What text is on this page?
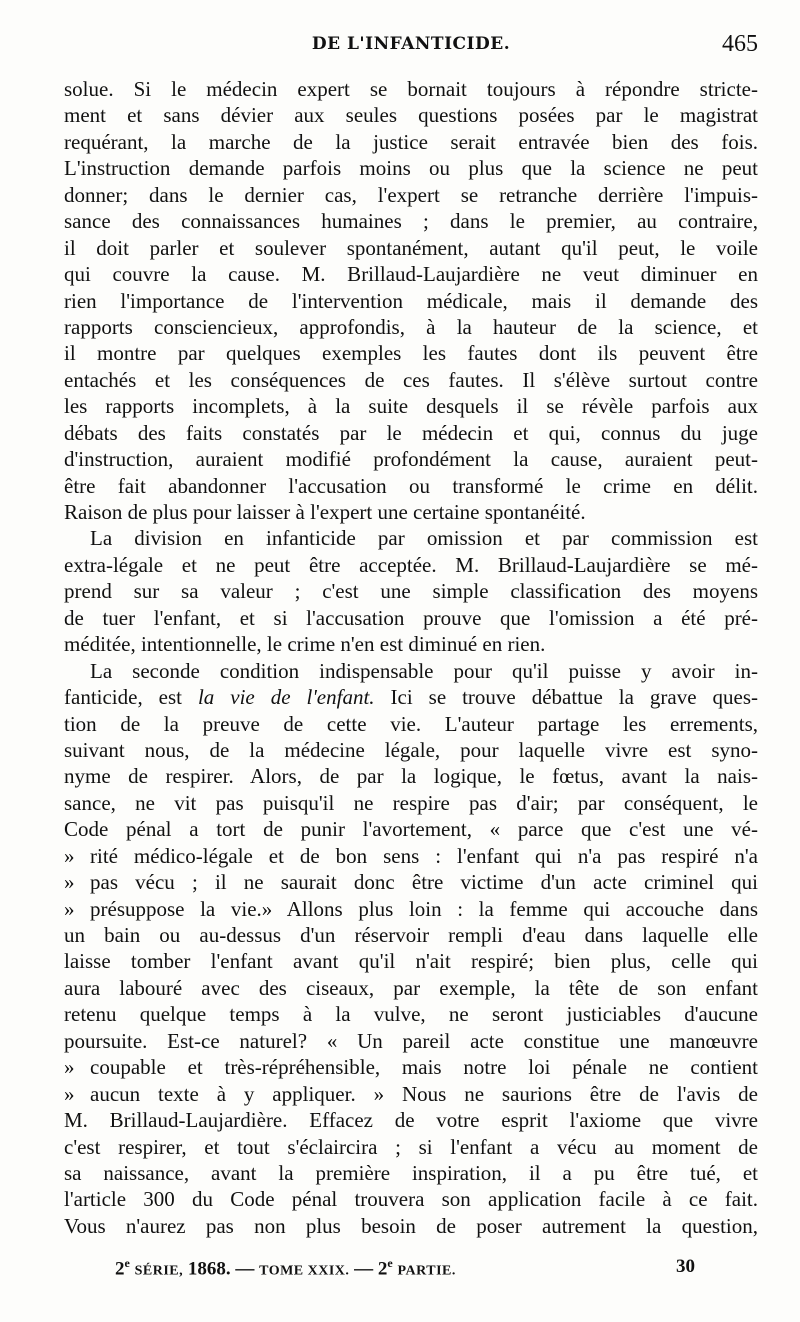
DE L'INFANTICIDE.	465
solue. Si le médecin expert se bornait toujours à répondre stricte-
ment et sans dévier aux seules questions posées par le magistrat
requérant, la marche de la justice serait entravée bien des fois.
L'instruction demande parfois moins ou plus que la science ne peut
donner; dans le dernier cas, l'expert se retranche derrière l'impuis-
sance des connaissances humaines ; dans le premier, au contraire,
il doit parler et soulever spontanément, autant qu'il peut, le voile
qui couvre la cause. M. Brillaud-Laujardière ne veut diminuer en
rien l'importance de l'intervention médicale, mais il demande des
rapports consciencieux, approfondis, à la hauteur de la science, et
il montre par quelques exemples les fautes dont ils peuvent être
entachés et les conséquences de ces fautes. Il s'élève surtout contre
les rapports incomplets, à la suite desquels il se révèle parfois aux
débats des faits constatés par le médecin et qui, connus du juge
d'instruction, auraient modifié profondément la cause, auraient peut-
être fait abandonner l'accusation ou transformé le crime en délit.
Raison de plus pour laisser à l'expert une certaine spontanéité.
La division en infanticide par omission et par commission est
extra-légale et ne peut être acceptée. M. Brillaud-Laujardière se mé-
prend sur sa valeur ; c'est une simple classification des moyens
de tuer l'enfant, et si l'accusation prouve que l'omission a été pré-
méditée, intentionnelle, le crime n'en est diminué en rien.
La seconde condition indispensable pour qu'il puisse y avoir in-
fanticide, est la vie de l'enfant. Ici se trouve débattue la grave ques-
tion de la preuve de cette vie. L'auteur partage les errements,
suivant nous, de la médecine légale, pour laquelle vivre est syno-
nyme de respirer. Alors, de par la logique, le fœtus, avant la nais-
sance, ne vit pas puisqu'il ne respire pas d'air; par conséquent, le
Code pénal a tort de punir l'avortement, « parce que c'est une vé-
» rité médico-légale et de bon sens : l'enfant qui n'a pas respiré n'a
» pas vécu ; il ne saurait donc être victime d'un acte criminel qui
» présuppose la vie.» Allons plus loin : la femme qui accouche dans
un bain ou au-dessus d'un réservoir rempli d'eau dans laquelle elle
laisse tomber l'enfant avant qu'il n'ait respiré; bien plus, celle qui
aura labouré avec des ciseaux, par exemple, la tête de son enfant
retenu quelque temps à la vulve, ne seront justiciables d'aucune
poursuite. Est-ce naturel? « Un pareil acte constitue une manœuvre
» coupable et très-répréhensible, mais notre loi pénale ne contient
» aucun texte à y appliquer. » Nous ne saurions être de l'avis de
M. Brillaud-Laujardière. Effacez de votre esprit l'axiome que vivre
c'est respirer, et tout s'éclaircira ; si l'enfant a vécu au moment de
sa naissance, avant la première inspiration, il a pu être tué, et
l'article 300 du Code pénal trouvera son application facile à ce fait.
Vous n'aurez pas non plus besoin de poser autrement la question,
2e SÉRIE, 1868. — TOME XXIX. — 2e PARTIE.	30
